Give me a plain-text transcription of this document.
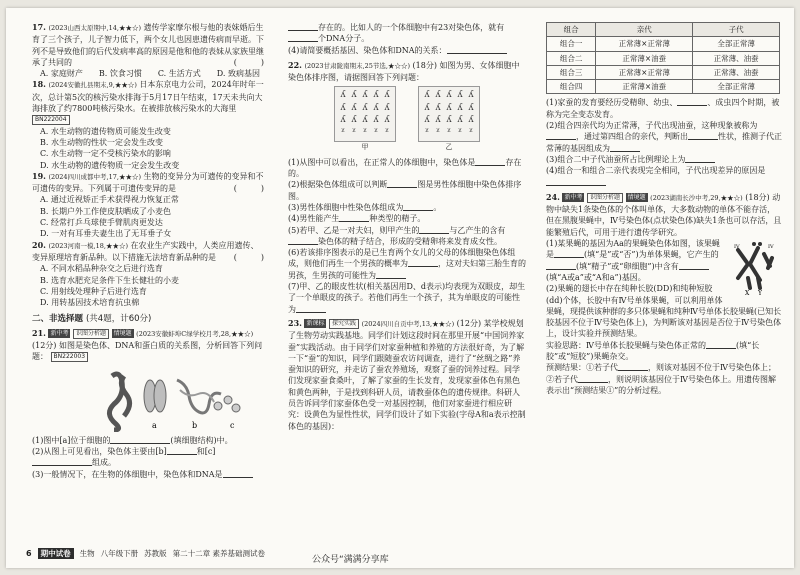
17. (2023山西太原期中,14,★★☆) 遗传学家摩尔根与他的表妹婚后生育了三个孩子，儿子智力低下，两个女儿也因患遗传病而早逝。下列不是导致他们的后代发病率高的原因是他和他的表妹从家族里继承了共同的	(　　　)
A. 家庭财产　　B. 饮食习惯　　C. 生活方式　　D. 致病基因
18. (2024安徽扎县期末,9,★★☆) 日本东京电力公司，2024年时年一次，总计第5次的核污染水排海于5月17日午结束，17天未共向大海排放了约7800吨核污染水。在被排放核污染水的大海里 BN222004
A. 水生动物的遗传物质可能发生改变
B. 水生动物的性状一定会发生改变
C. 水生动物一定不受核污染水的影响
D. 水生动物的遗传物质一定会发生改变
19. (2024四川成都中考,17,★★☆) 生物的变异分为可遗传的变异和不可遗传的变异。下列属于可遗传变异的是	(　　　)
A. 通过近视矫正手术获得视力恢复正常
B. 长期户外工作使皮肤晒成了小麦色
C. 经常打乒乓球使手臂肌肉更发达
D. 一对有耳垂夫妻生出了无耳垂子女
20. (2023河南一模,18,★★☆) 在农业生产实践中，人类应用遗传、变异原理培育新品种。以下措施无法培育新品种的是 (　　　)
A. 不同水稻品种杂交之后进行选育
B. 选育水肥充足条件下生长健壮的小麦
C. 用射线处理种子后进行选育
D. 用转基因技术培育抗虫棉
二、非选择题 (共4题，计60分)
21. 新中考 识图分析题 情境题 (2023安徽蚌埠C绿学校月考,28,★★☆) (12分) 如图是染色体、DNA和蛋白质的关系图，分析回答下列问题： BN222003
a	b	c
(1)图中[a]位于细胞的	(填细胞结构)中。
(2)从图上可见看出，染色体主要由[b]	和[c]
组成。
(3)一般情况下，在生物的体细胞中，染色体和DNA是
存在的。比如人的一个体细胞中有23对染色体，就有个DNA分子。
(4)请简要概括基因、染色体和DNA的关系：
22. (2023甘肃陇南期末,25节选,★☆☆) (18分) 如图为男、女体细胞中染色体排序图，请据图回答下列问题：
ʎ ʎ ʎ ʎ ʎ
ʎ ʎ ʎ ʎ ʎ
ʎ ʎ ʎ ʎ ʎ
ᵡ ᵡ ᵡ ᵡ ᵡ
甲
ʎ ʎ ʎ ʎ ʎ
ʎ ʎ ʎ ʎ ʎ
ʎ ʎ ʎ ʎ ʎ
ᵡ ᵡ ᵡ ᵡ ᵡ
乙
(1)从图中可以看出，在正常人的体细胞中，染色体是	存在的。
(2)根据染色体组成可以判断	图是男性体细胞中染色体排序图。
(3)男性体细胞中性染色体组成为	。
(4)男性能产生	种类型的精子。
(5)若甲、乙是一对夫妇，则甲产生的	与乙产生的含有染色体的精子结合，形成的受精卵将来发育成女性。
(6)若该排序图表示的是已生育两个女儿的父母的体细胞染色体组成，则他们再生一个男孩的概率为	，这对夫妇第三胎生育的男孩，生男孩的可能性为
(7)甲、乙的眼皮性状(相关基因用D、d表示)均表现为双眼皮，却生了一个单眼皮的孩子。若他们再生一个孩子，其为单眼皮的可能性为
23. 新课标 探究实践 (2024四川自贡中考,13,★★☆) (12分) 某学校规划了生物劳动实践基地。同学们计划这段时间在那里开展“中国饲养家蚕”实践活动。由于同学们对家蚕种植和养殖的方法很好奇，为了解一下“蚕”的知识，同学们跟随蚕农访问调查，进行了“丝绸之路”养蚕知识的研究，并走访了蚕农养殖场，观察了蚕的饲养过程。同学们发现家蚕食桑叶，了解了家蚕的生长发育，发现家蚕体色有黑色和黄色两种，于是找到科研人员，请教蚕体色的遗传规律。科研人员告诉同学们家蚕体色受一对基因控制，他们对家蚕进行相应研究：设黄色为显性性状，同学们设计了如下实验(字母A和a表示控制体色的基因)：
组合	亲代	子代
组合一	正常薄×正常薄	全部正常薄
组合二	正常薄×油蚕	正常薄、油蚕
组合三	正常薄×正常薄	正常薄、油蚕
组合四	正常薄×油蚕	全部正常薄
(1)家蚕的发育要经历受精卵、幼虫、	、成虫四个时期，被称为完全变态发育。
(2)组合四亲代均为正常薄，子代出现油蚕，这种现象被称为，通过第四组合的亲代，判断出	性状，推测子代正常薄的基因组成为
(3)组合二中子代油蚕所占比例理论上为
(4)组合一和组合二亲代表现完全相同，子代出现差异的原因是
24. 新中考 识图分析题 情境题 (2023湖南长沙中考,29,★★☆) (18分) 动物中缺失1条染色体的个体叫单体，大多数动物的单体不能存活，但在黑腹果蝇中，Ⅳ号染色体(点状染色体)缺失1条也可以存活，且能繁殖后代，可用于进行遗传学研究。
X Y
IV
IV
(1)某果蝇的基因为Aa的果蝇染色体如图，该果蝇是	(填“是”或“否”)为单体果蝇，它产生的(填“精子”或“卵细胞”)中含有(填“A或a”或“A和a”)基因。
(2)果蝇的翅长中存在纯种长胶(DD)和纯种短胶(dd)个体，长胶中有Ⅳ号单体果蝇，可以利用单体果蝇，现提供该种群的多只体果蝇和纯种Ⅳ号单体长胶果蝇(已知长胶基因不位于Ⅳ号染色体上)，为判断该对基因是否位于Ⅳ号染色体上，设计实验并预测结果。
实验思路：Ⅳ号单体长胶果蝇与染色体正常的	(填“长胶”或“短胶”)果蝇杂交。
预测结果：①若子代	，则该对基因不位于Ⅳ号染色体上；
②若子代	，则说明该基因位于Ⅳ号染色体上。用遗传图解表示出“预测结果①”的分析过程。
6	期中试卷	生物 八年级下册 苏教版 第二十二章 素养基础测试卷
公众号“满满分享库
